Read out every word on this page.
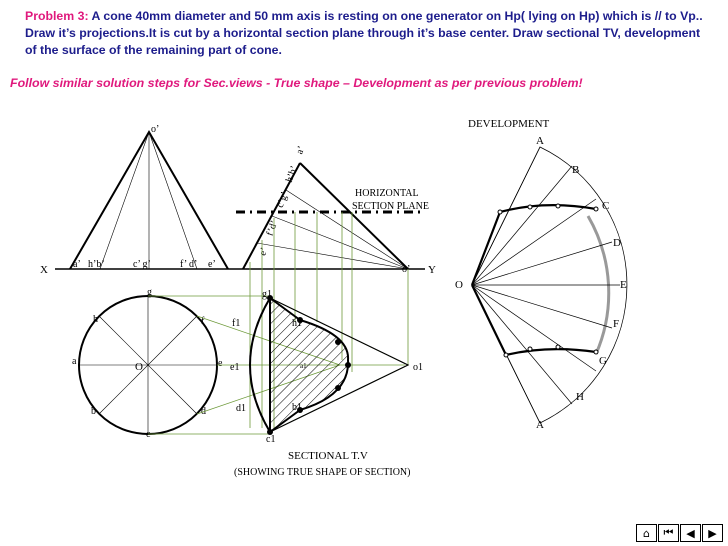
Problem 3: A cone 40mm diameter and 50 mm axis is resting on one generator on Hp( lying on Hp) which is // to Vp.. Draw it’s projections.It is cut by a horizontal section plane through it’s base center. Draw sectional TV, development of the surface of the remaining part of cone.
Follow similar solution steps for Sec.views - True shape – Development as per previous problem!
X	Y
o’
a’ h’b’	c’ g’	f’ d’ e’
g
h	f
a	O	e
b	d
c
o’
a’
h’b’
c’g’
f’d’
e’
HORIZONTAL
SECTION PLANE
g1
h1
f1
e1	a1	o1
d1	b1
c1
SECTIONAL T.V
(SHOWING TRUE SHAPE OF SECTION)
DEVELOPMENT
A
B
C
D
E
F
G
H
A
O
⌂	⏮	◀	▶
